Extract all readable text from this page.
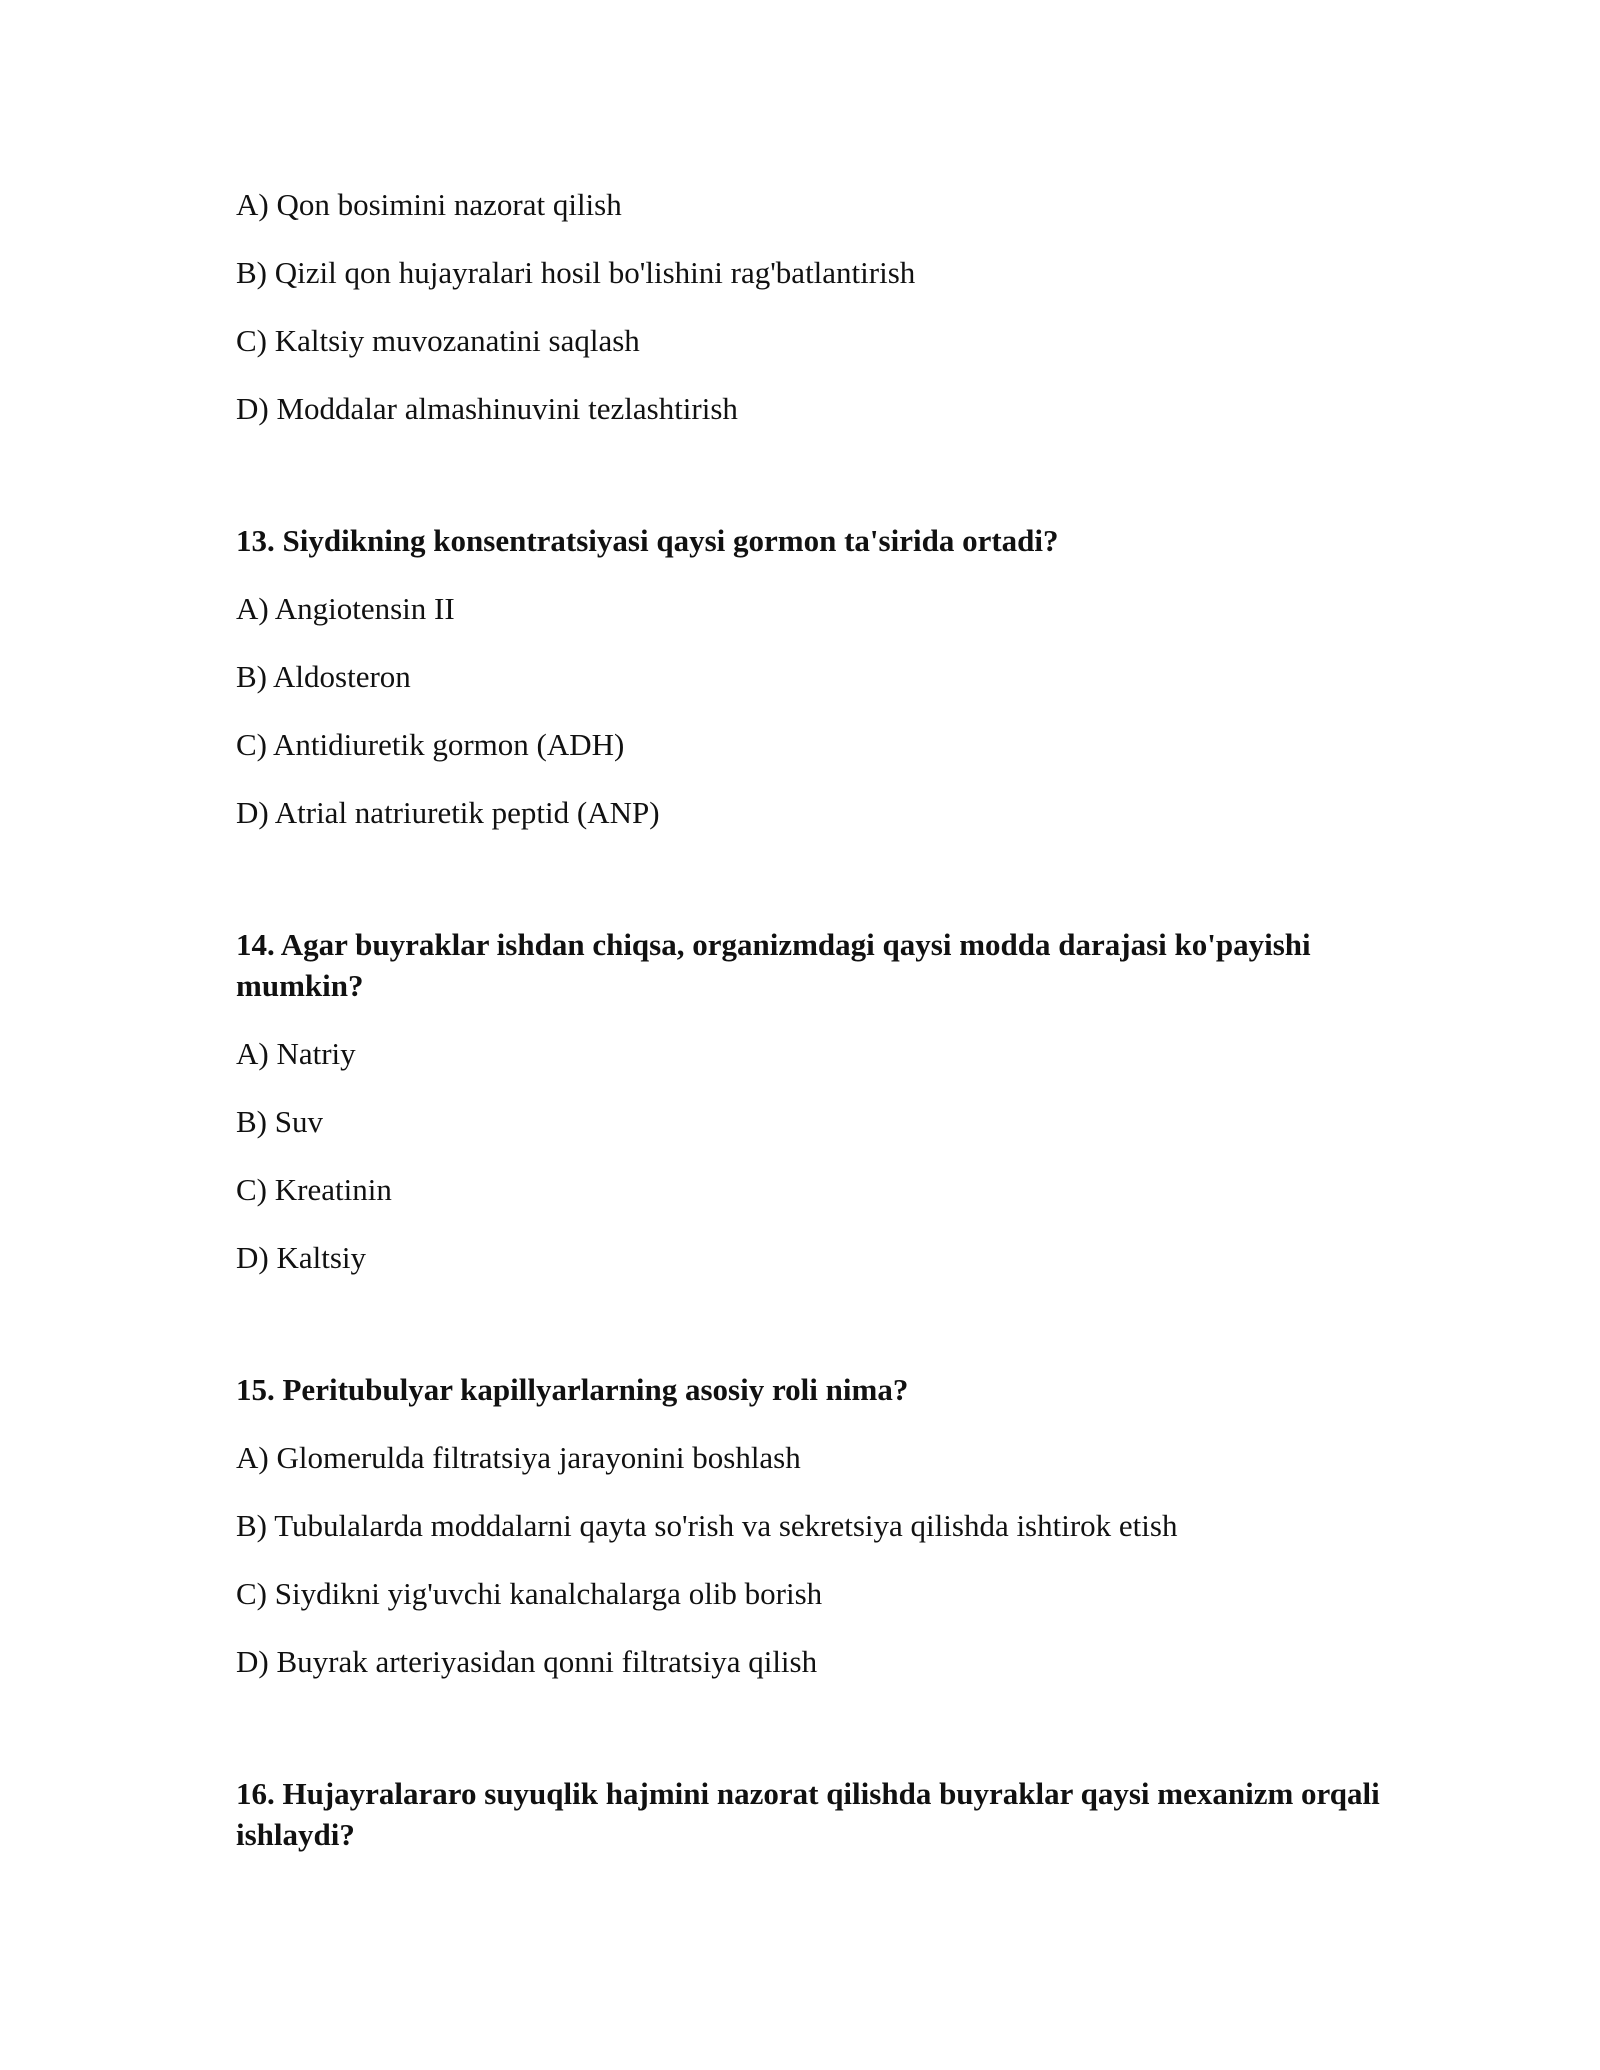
A) Qon bosimini nazorat qilish

B) Qizil qon hujayralari hosil bo'lishini rag'batlantirish

C) Kaltsiy muvozanatini saqlash

D) Moddalar almashinuvini tezlashtirish

13. Siydikning konsentratsiyasi qaysi gormon ta'sirida ortadi?

A) Angiotensin II

B) Aldosteron

C) Antidiuretik gormon (ADH)

D) Atrial natriuretik peptid (ANP)

14. Agar buyraklar ishdan chiqsa, organizmdagi qaysi modda darajasi ko'payishi mumkin?

A) Natriy

B) Suv

C) Kreatinin

D) Kaltsiy

15. Peritubulyar kapillyarlarning asosiy roli nima?

A) Glomerulda filtratsiya jarayonini boshlash

B) Tubulalarda moddalarni qayta so'rish va sekretsiya qilishda ishtirok etish

C) Siydikni yig'uvchi kanalchalarga olib borish

D) Buyrak arteriyasidan qonni filtratsiya qilish

16. Hujayralararo suyuqlik hajmini nazorat qilishda buyraklar qaysi mexanizm orqali ishlaydi?
